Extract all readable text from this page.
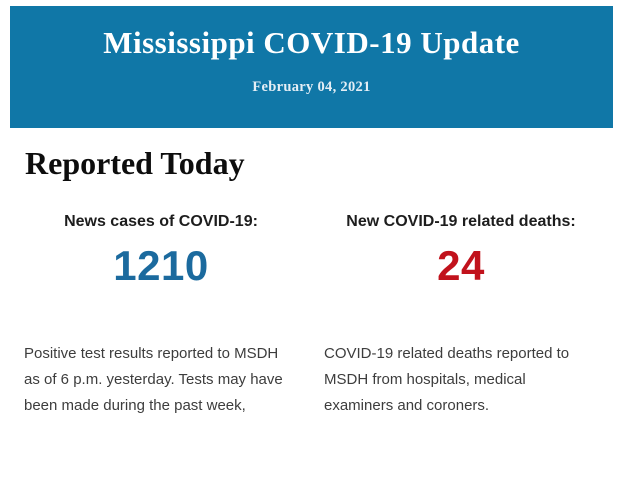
Mississippi COVID-19 Update

February 04, 2021

Reported Today

News cases of COVID-19:

1210

Positive test results reported to MSDH as of 6 p.m. yesterday. Tests may have been made during the past week,

New COVID-19 related deaths:

24

COVID-19 related deaths reported to MSDH from hospitals, medical examiners and coroners.
